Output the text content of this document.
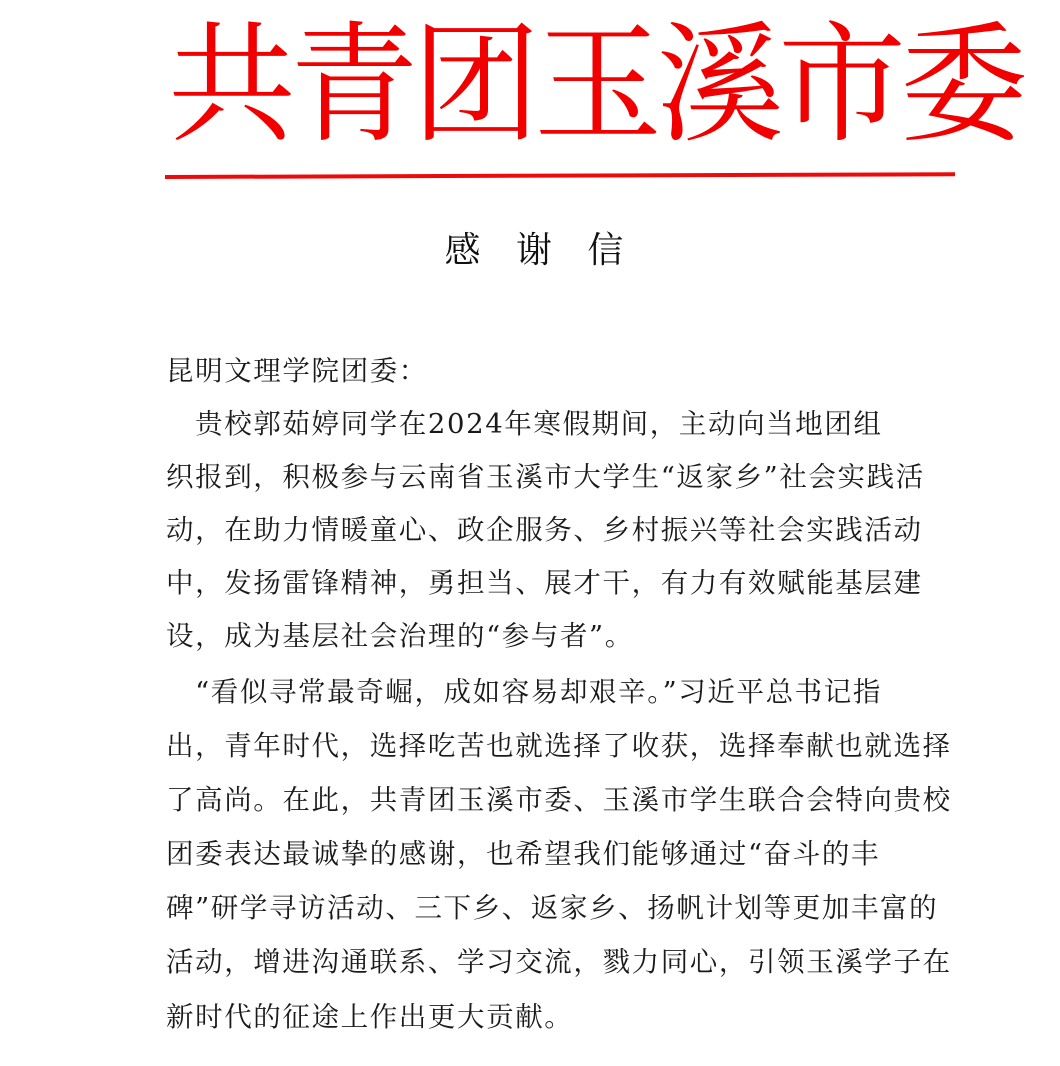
共青团玉溪市委
感 谢 信
昆明文理学院团委：
　贵校郭茹婷同学在2024年寒假期间，主动向当地团组
织报到，积极参与云南省玉溪市大学生“返家乡”社会实践活
动，在助力情暖童心、政企服务、乡村振兴等社会实践活动
中，发扬雷锋精神，勇担当、展才干，有力有效赋能基层建
设，成为基层社会治理的“参与者”。
　“看似寻常最奇崛，成如容易却艰辛。”习近平总书记指
出，青年时代，选择吃苦也就选择了收获，选择奉献也就选择
了高尚。在此，共青团玉溪市委、玉溪市学生联合会特向贵校
团委表达最诚挚的感谢，也希望我们能够通过“奋斗的丰
碑”研学寻访活动、三下乡、返家乡、扬帆计划等更加丰富的
活动，增进沟通联系、学习交流，戮力同心，引领玉溪学子在
新时代的征途上作出更大贡献。
